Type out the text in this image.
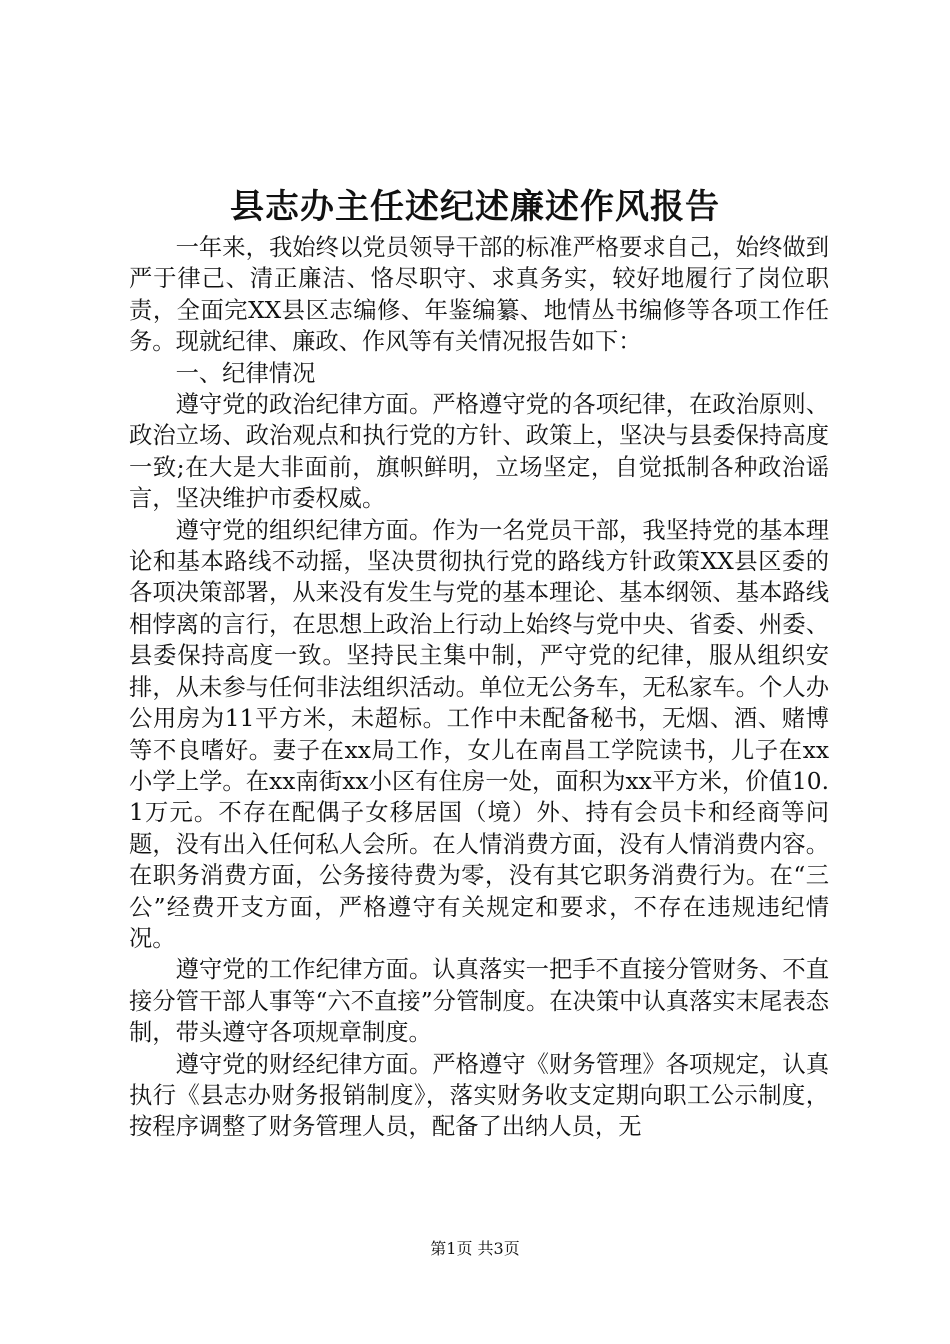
县志办主任述纪述廉述作风报告

一年来，我始终以党员领导干部的标准严格要求自己，始终做到严于律己、清正廉洁、恪尽职守、求真务实，较好地履行了岗位职责，全面完XX县区志编修、年鉴编纂、地情丛书编修等各项工作任务。现就纪律、廉政、作风等有关情况报告如下：

一、纪律情况

遵守党的政治纪律方面。严格遵守党的各项纪律，在政治原则、政治立场、政治观点和执行党的方针、政策上，坚决与县委保持高度一致;在大是大非面前，旗帜鲜明，立场坚定，自觉抵制各种政治谣言，坚决维护市委权威。

遵守党的组织纪律方面。作为一名党员干部，我坚持党的基本理论和基本路线不动摇，坚决贯彻执行党的路线方针政策XX县区委的各项决策部署，从来没有发生与党的基本理论、基本纲领、基本路线相悖离的言行，在思想上政治上行动上始终与党中央、省委、州委、县委保持高度一致。坚持民主集中制，严守党的纪律，服从组织安排，从未参与任何非法组织活动。单位无公务车，无私家车。个人办公用房为11平方米，未超标。工作中未配备秘书，无烟、酒、赌博等不良嗜好。妻子在xx局工作，女儿在南昌工学院读书，儿子在xx小学上学。在xx南街xx小区有住房一处，面积为xx平方米，价值10.1万元。不存在配偶子女移居国（境）外、持有会员卡和经商等问题，没有出入任何私人会所。在人情消费方面，没有人情消费内容。在职务消费方面，公务接待费为零，没有其它职务消费行为。在“三公”经费开支方面，严格遵守有关规定和要求，不存在违规违纪情况。

遵守党的工作纪律方面。认真落实一把手不直接分管财务、不直接分管干部人事等“六不直接”分管制度。在决策中认真落实末尾表态制，带头遵守各项规章制度。

遵守党的财经纪律方面。严格遵守《财务管理》各项规定，认真执行《县志办财务报销制度》，落实财务收支定期向职工公示制度，按程序调整了财务管理人员，配备了出纳人员，无

第1页 共3页
